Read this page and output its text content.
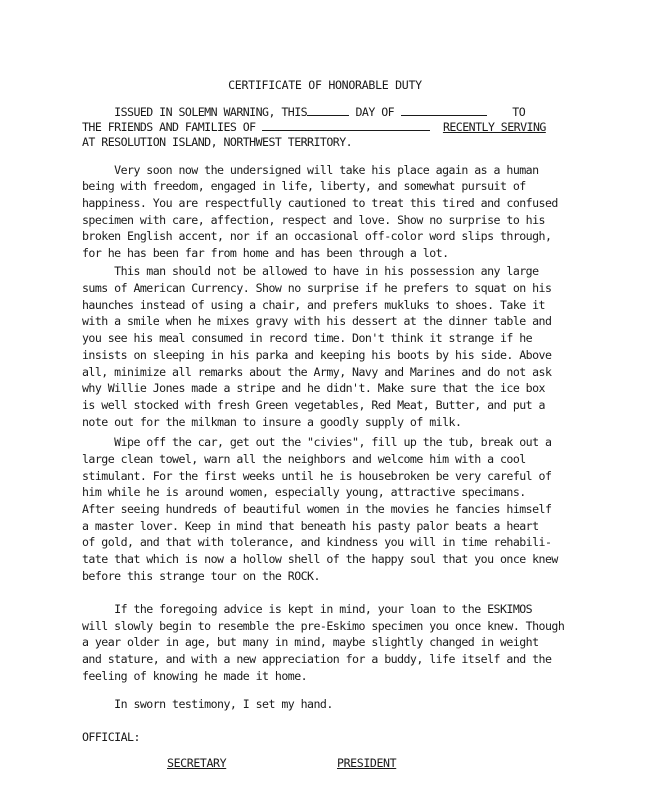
CERTIFICATE OF HONORABLE DUTY
ISSUED IN SOLEMN WARNING, THIS	DAY OF	TO
THE FRIENDS AND FAMILIES OF	RECENTLY SERVING
AT RESOLUTION ISLAND, NORTHWEST TERRITORY.
Very soon now the undersigned will take his place again as a human
being with freedom, engaged in life, liberty, and somewhat pursuit of
happiness. You are respectfully cautioned to treat this tired and confused
specimen with care, affection, respect and love. Show no surprise to his
broken English accent, nor if an occasional off-color word slips through,
for he has been far from home and has been through a lot.
This man should not be allowed to have in his possession any large
sums of American Currency. Show no surprise if he prefers to squat on his
haunches instead of using a chair, and prefers mukluks to shoes. Take it
with a smile when he mixes gravy with his dessert at the dinner table and
you see his meal consumed in record time. Don't think it strange if he
insists on sleeping in his parka and keeping his boots by his side. Above
all, minimize all remarks about the Army, Navy and Marines and do not ask
why Willie Jones made a stripe and he didn't. Make sure that the ice box
is well stocked with fresh Green vegetables, Red Meat, Butter, and put a
note out for the milkman to insure a goodly supply of milk.
Wipe off the car, get out the "civies", fill up the tub, break out a
large clean towel, warn all the neighbors and welcome him with a cool
stimulant. For the first weeks until he is housebroken be very careful of
him while he is around women, especially young, attractive specimans.
After seeing hundreds of beautiful women in the movies he fancies himself
a master lover. Keep in mind that beneath his pasty palor beats a heart
of gold, and that with tolerance, and kindness you will in time rehabili-
tate that which is now a hollow shell of the happy soul that you once knew
before this strange tour on the ROCK.
If the foregoing advice is kept in mind, your loan to the ESKIMOS
will slowly begin to resemble the pre-Eskimo specimen you once knew. Though
a year older in age, but many in mind, maybe slightly changed in weight
and stature, and with a new appreciation for a buddy, life itself and the
feeling of knowing he made it home.
In sworn testimony, I set my hand.
OFFICIAL:
SECRETARY	PRESIDENT
